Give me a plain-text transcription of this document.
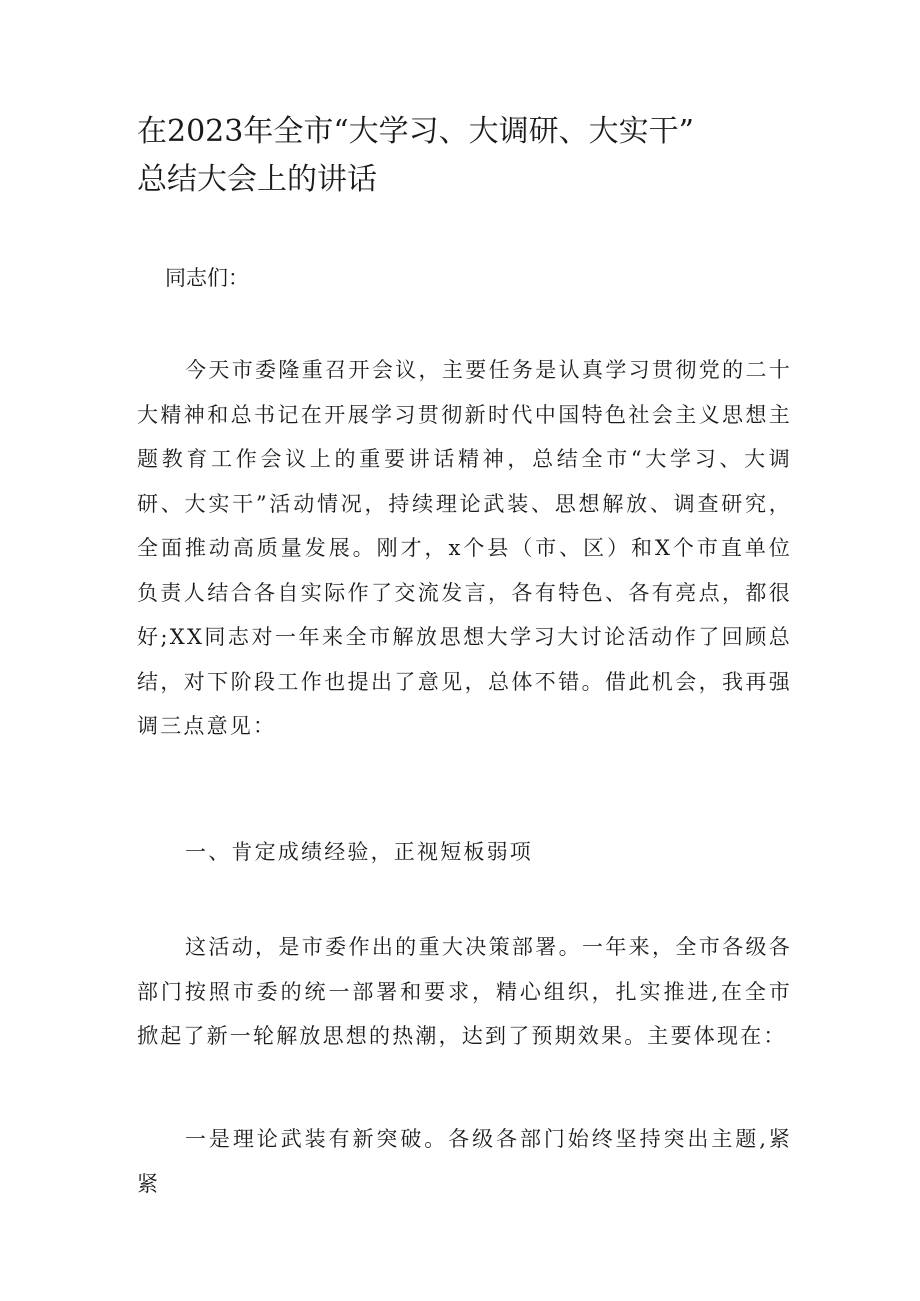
在2023年全市“大学习、大调研、大实干”
总结大会上的讲话

同志们：

今天市委隆重召开会议，主要任务是认真学习贯彻党的二十大精神和总书记在开展学习贯彻新时代中国特色社会主义思想主题教育工作会议上的重要讲话精神，总结全市“大学习、大调研、大实干”活动情况，持续理论武装、思想解放、调查研究，全面推动高质量发展。刚才，x个县（市、区）和X个市直单位负责人结合各自实际作了交流发言，各有特色、各有亮点，都很好;XX同志对一年来全市解放思想大学习大讨论活动作了回顾总结，对下阶段工作也提出了意见，总体不错。借此机会，我再强调三点意见：

一、肯定成绩经验，正视短板弱项

这活动，是市委作出的重大决策部署。一年来，全市各级各部门按照市委的统一部署和要求，精心组织，扎实推进,在全市掀起了新一轮解放思想的热潮，达到了预期效果。主要体现在：

一是理论武装有新突破。各级各部门始终坚持突出主题,紧紧
